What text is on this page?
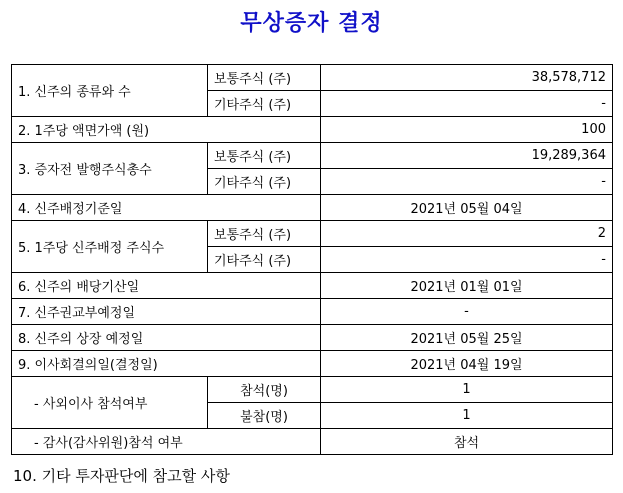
무상증자 결정
1. 신주의 종류와 수	보통주식 (주)	38,578,712
	기타주식 (주)	-
2. 1주당 액면가액 (원)		100
3. 증자전 발행주식총수	보통주식 (주)	19,289,364
	기타주식 (주)	-
4. 신주배정기준일		2021년 05월 04일
5. 1주당 신주배정 주식수	보통주식 (주)	2
	기타주식 (주)	-
6. 신주의 배당기산일		2021년 01월 01일
7. 신주권교부예정일		-
8. 신주의 상장 예정일		2021년 05월 25일
9. 이사회결의일(결정일)		2021년 04월 19일
- 사외이사 참석여부	참석(명)	1
	불참(명)	1
- 감사(감사위원)참석 여부		참석
10. 기타 투자판단에 참고할 사항
